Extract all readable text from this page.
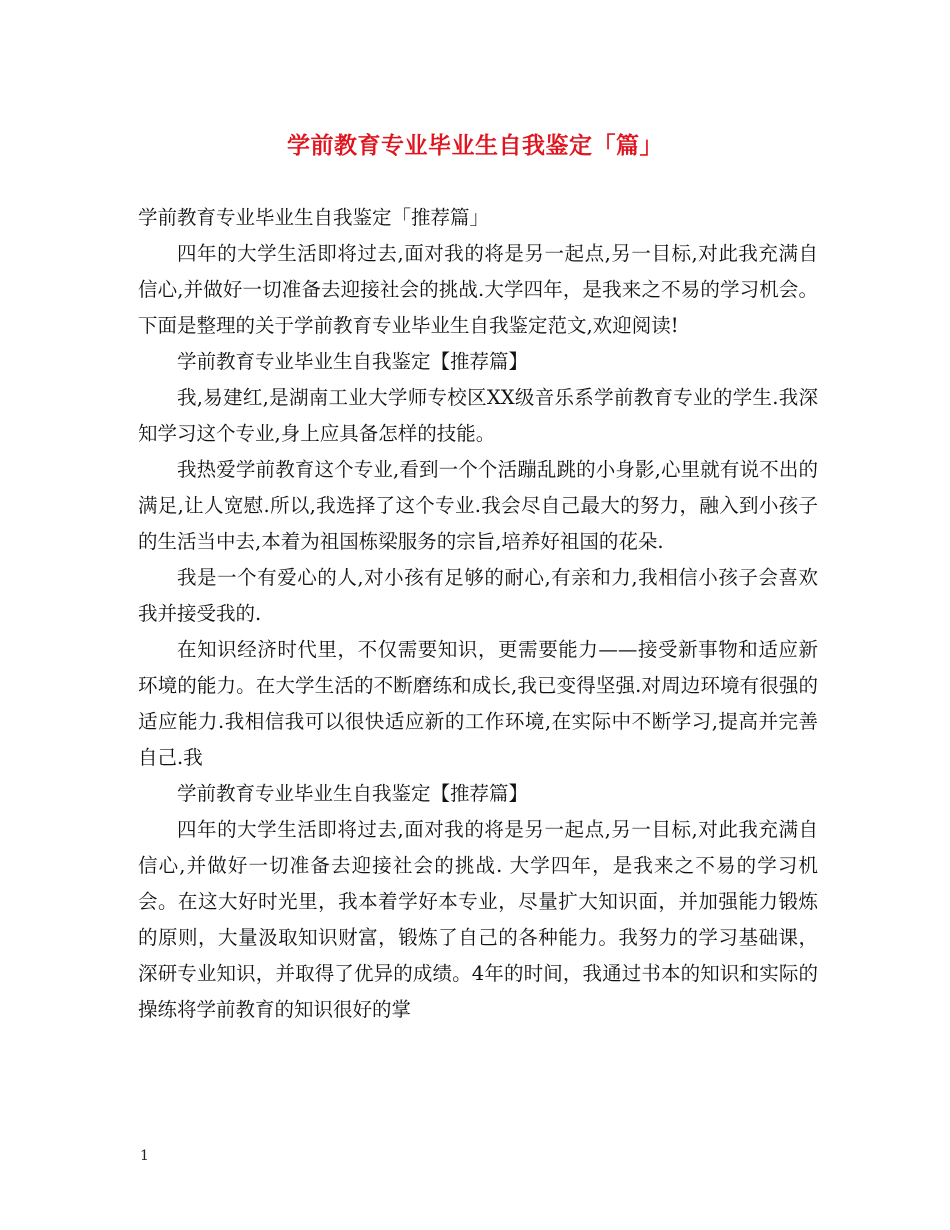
学前教育专业毕业生自我鉴定「篇」

学前教育专业毕业生自我鉴定「推荐篇」

四年的大学生活即将过去,面对我的将是另一起点,另一目标,对此我充满自信心,并做好一切准备去迎接社会的挑战.大学四年，是我来之不易的学习机会。下面是整理的关于学前教育专业毕业生自我鉴定范文,欢迎阅读!

学前教育专业毕业生自我鉴定【推荐篇】

我,易建红,是湖南工业大学师专校区XX级音乐系学前教育专业的学生.我深知学习这个专业,身上应具备怎样的技能。

我热爱学前教育这个专业,看到一个个活蹦乱跳的小身影,心里就有说不出的满足,让人宽慰.所以,我选择了这个专业.我会尽自己最大的努力，融入到小孩子的生活当中去,本着为祖国栋梁服务的宗旨,培养好祖国的花朵.

我是一个有爱心的人,对小孩有足够的耐心,有亲和力,我相信小孩子会喜欢我并接受我的.

在知识经济时代里，不仅需要知识，更需要能力——接受新事物和适应新环境的能力。在大学生活的不断磨练和成长,我已变得坚强.对周边环境有很强的适应能力.我相信我可以很快适应新的工作环境,在实际中不断学习,提高并完善自己.我

学前教育专业毕业生自我鉴定【推荐篇】

四年的大学生活即将过去,面对我的将是另一起点,另一目标,对此我充满自信心,并做好一切准备去迎接社会的挑战. 大学四年，是我来之不易的学习机会。在这大好时光里，我本着学好本专业，尽量扩大知识面，并加强能力锻炼的原则，大量汲取知识财富，锻炼了自己的各种能力。我努力的学习基础课，深研专业知识，并取得了优异的成绩。4年的时间，我通过书本的知识和实际的操练将学前教育的知识很好的掌

1
